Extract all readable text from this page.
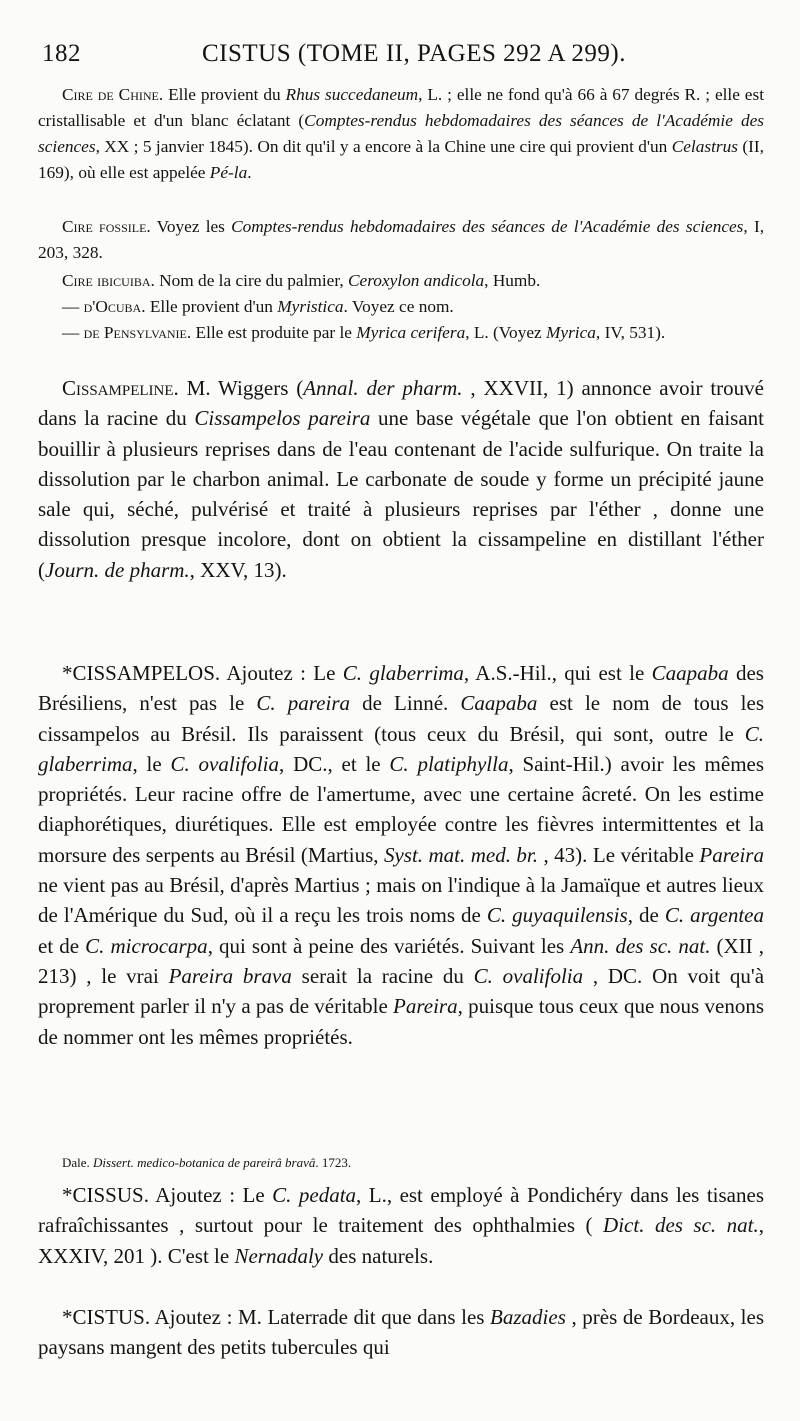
182	CISTUS (TOME II, PAGES 292 A 299).
Cire de Chine. Elle provient du Rhus succedaneum, L. ; elle ne fond qu'à 66 à 67 degrés R. ; elle est cristallisable et d'un blanc éclatant (Comptes-rendus hebdomadaires des séances de l'Académie des sciences, XX ; 5 janvier 1845). On dit qu'il y a encore à la Chine une cire qui provient d'un Celastrus (II, 169), où elle est appelée Pé-la.
Cire fossile. Voyez les Comptes-rendus hebdomadaires des séances de l'Académie des sciences, I, 203, 328.
Cire ibicuiba. Nom de la cire du palmier, Ceroxylon andicola, Humb.
— d'Ocuba. Elle provient d'un Myristica. Voyez ce nom.
— de Pensylvanie. Elle est produite par le Myrica cerifera, L. (Voyez Myrica, IV, 531).
Cissampeline. M. Wiggers (Annal. der pharm. , XXVII, 1) annonce avoir trouvé dans la racine du Cissampelos pareira une base végétale que l'on obtient en faisant bouillir à plusieurs reprises dans de l'eau contenant de l'acide sulfurique. On traite la dissolution par le charbon animal. Le carbonate de soude y forme un précipité jaune sale qui, séché, pulvérisé et traité à plusieurs reprises par l'éther , donne une dissolution presque incolore, dont on obtient la cissampeline en distillant l'éther (Journ. de pharm., XXV, 13).
*CISSAMPELOS. Ajoutez : Le C. glaberrima, A.S.-Hil., qui est le Caapaba des Brésiliens, n'est pas le C. pareira de Linné. Caapaba est le nom de tous les cissampelos au Brésil. Ils paraissent (tous ceux du Brésil, qui sont, outre le C. glaberrima, le C. ovalifolia, DC., et le C. platiphylla, Saint-Hil.) avoir les mêmes propriétés. Leur racine offre de l'amertume, avec une certaine âcreté. On les estime diaphorétiques, diurétiques. Elle est employée contre les fièvres intermittentes et la morsure des serpents au Brésil (Martius, Syst. mat. med. br. , 43). Le véritable Pareira ne vient pas au Brésil, d'après Martius ; mais on l'indique à la Jamaïque et autres lieux de l'Amérique du Sud, où il a reçu les trois noms de C. guyaquilensis, de C. argentea et de C. microcarpa, qui sont à peine des variétés. Suivant les Ann. des sc. nat. (XII , 213) , le vrai Pareira brava serait la racine du C. ovalifolia , DC. On voit qu'à proprement parler il n'y a pas de véritable Pareira, puisque tous ceux que nous venons de nommer ont les mêmes propriétés.
Dale. Dissert. medico-botanica de pareirâ bravâ. 1723.
*CISSUS. Ajoutez : Le C. pedata, L., est employé à Pondichéry dans les tisanes rafraîchissantes , surtout pour le traitement des ophthalmies ( Dict. des sc. nat., XXXIV, 201 ). C'est le Nernadaly des naturels.
*CISTUS. Ajoutez : M. Laterrade dit que dans les Bazadies , près de Bordeaux, les paysans mangent des petits tubercules qui
